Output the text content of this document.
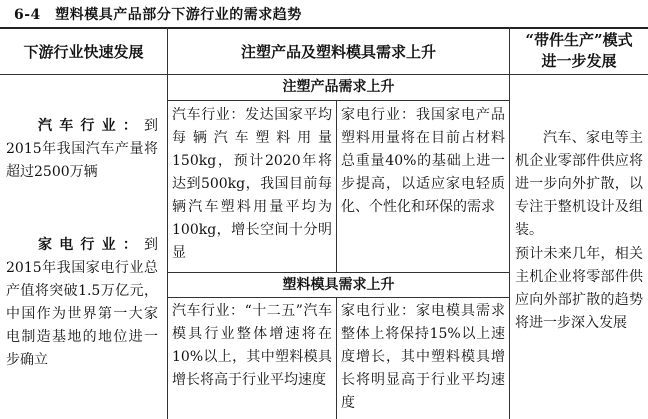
6-4　塑料模具产品部分下游行业的需求趋势
下游行业快速发展	注塑产品及塑料模具需求上升
“带件生产”模式
进一步发展
汽车行业：到2015年我国汽车产量将超过2500万辆
家电行业：到2015年我国家电行业总产值将突破1.5万亿元，中国作为世界第一大家电制造基地的地位进一步确立
注塑产品需求上升
汽车行业：发达国家平均每辆汽车塑料用量150kg，预计2020年将达到500kg，我国目前每辆汽车塑料用量平均为100kg，增长空间十分明显
家电行业：我国家电产品塑料用量将在目前占材料总重量40%的基础上进一步提高，以适应家电轻质化、个性化和环保的需求
塑料模具需求上升
汽车行业：“十二五”汽车模具行业整体增速将在10%以上，其中塑料模具增长将高于行业平均速度
家电行业：家电模具需求整体上将保持15%以上速度增长，其中塑料模具增长将明显高于行业平均速度
汽车、家电等主机企业零部件供应将进一步向外扩散，以专注于整机设计及组装。
预计未来几年，相关主机企业将零部件供应向外部扩散的趋势将进一步深入发展
